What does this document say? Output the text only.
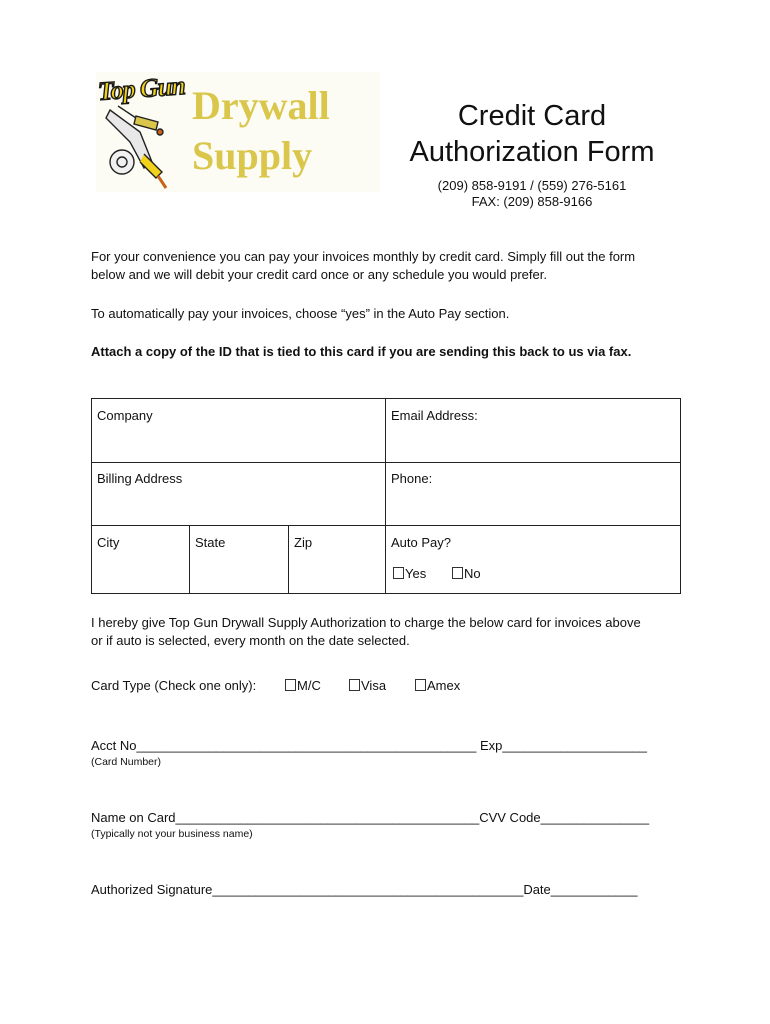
Top Gun Drywall
Supply
Credit Card
Authorization Form
(209) 858-9191 / (559) 276-5161
FAX: (209) 858-9166
For your convenience you can pay your invoices monthly by credit card. Simply fill out the form
below and we will debit your credit card once or any schedule you would prefer.
To automatically pay your invoices, choose “yes” in the Auto Pay section.
Attach a copy of the ID that is tied to this card if you are sending this back to us via fax.
Company	Email Address:
Billing Address	Phone:
City	State	Zip	Auto Pay?
Yes	No
I hereby give Top Gun Drywall Supply Authorization to charge the below card for invoices above
or if auto is selected, every month on the date selected.
Card Type (Check one only):	M/C	Visa	Amex
Acct No_______________________________________________ Exp____________________
(Card Number)
Name on Card__________________________________________CVV Code_______________
(Typically not your business name)
Authorized Signature___________________________________________Date____________
